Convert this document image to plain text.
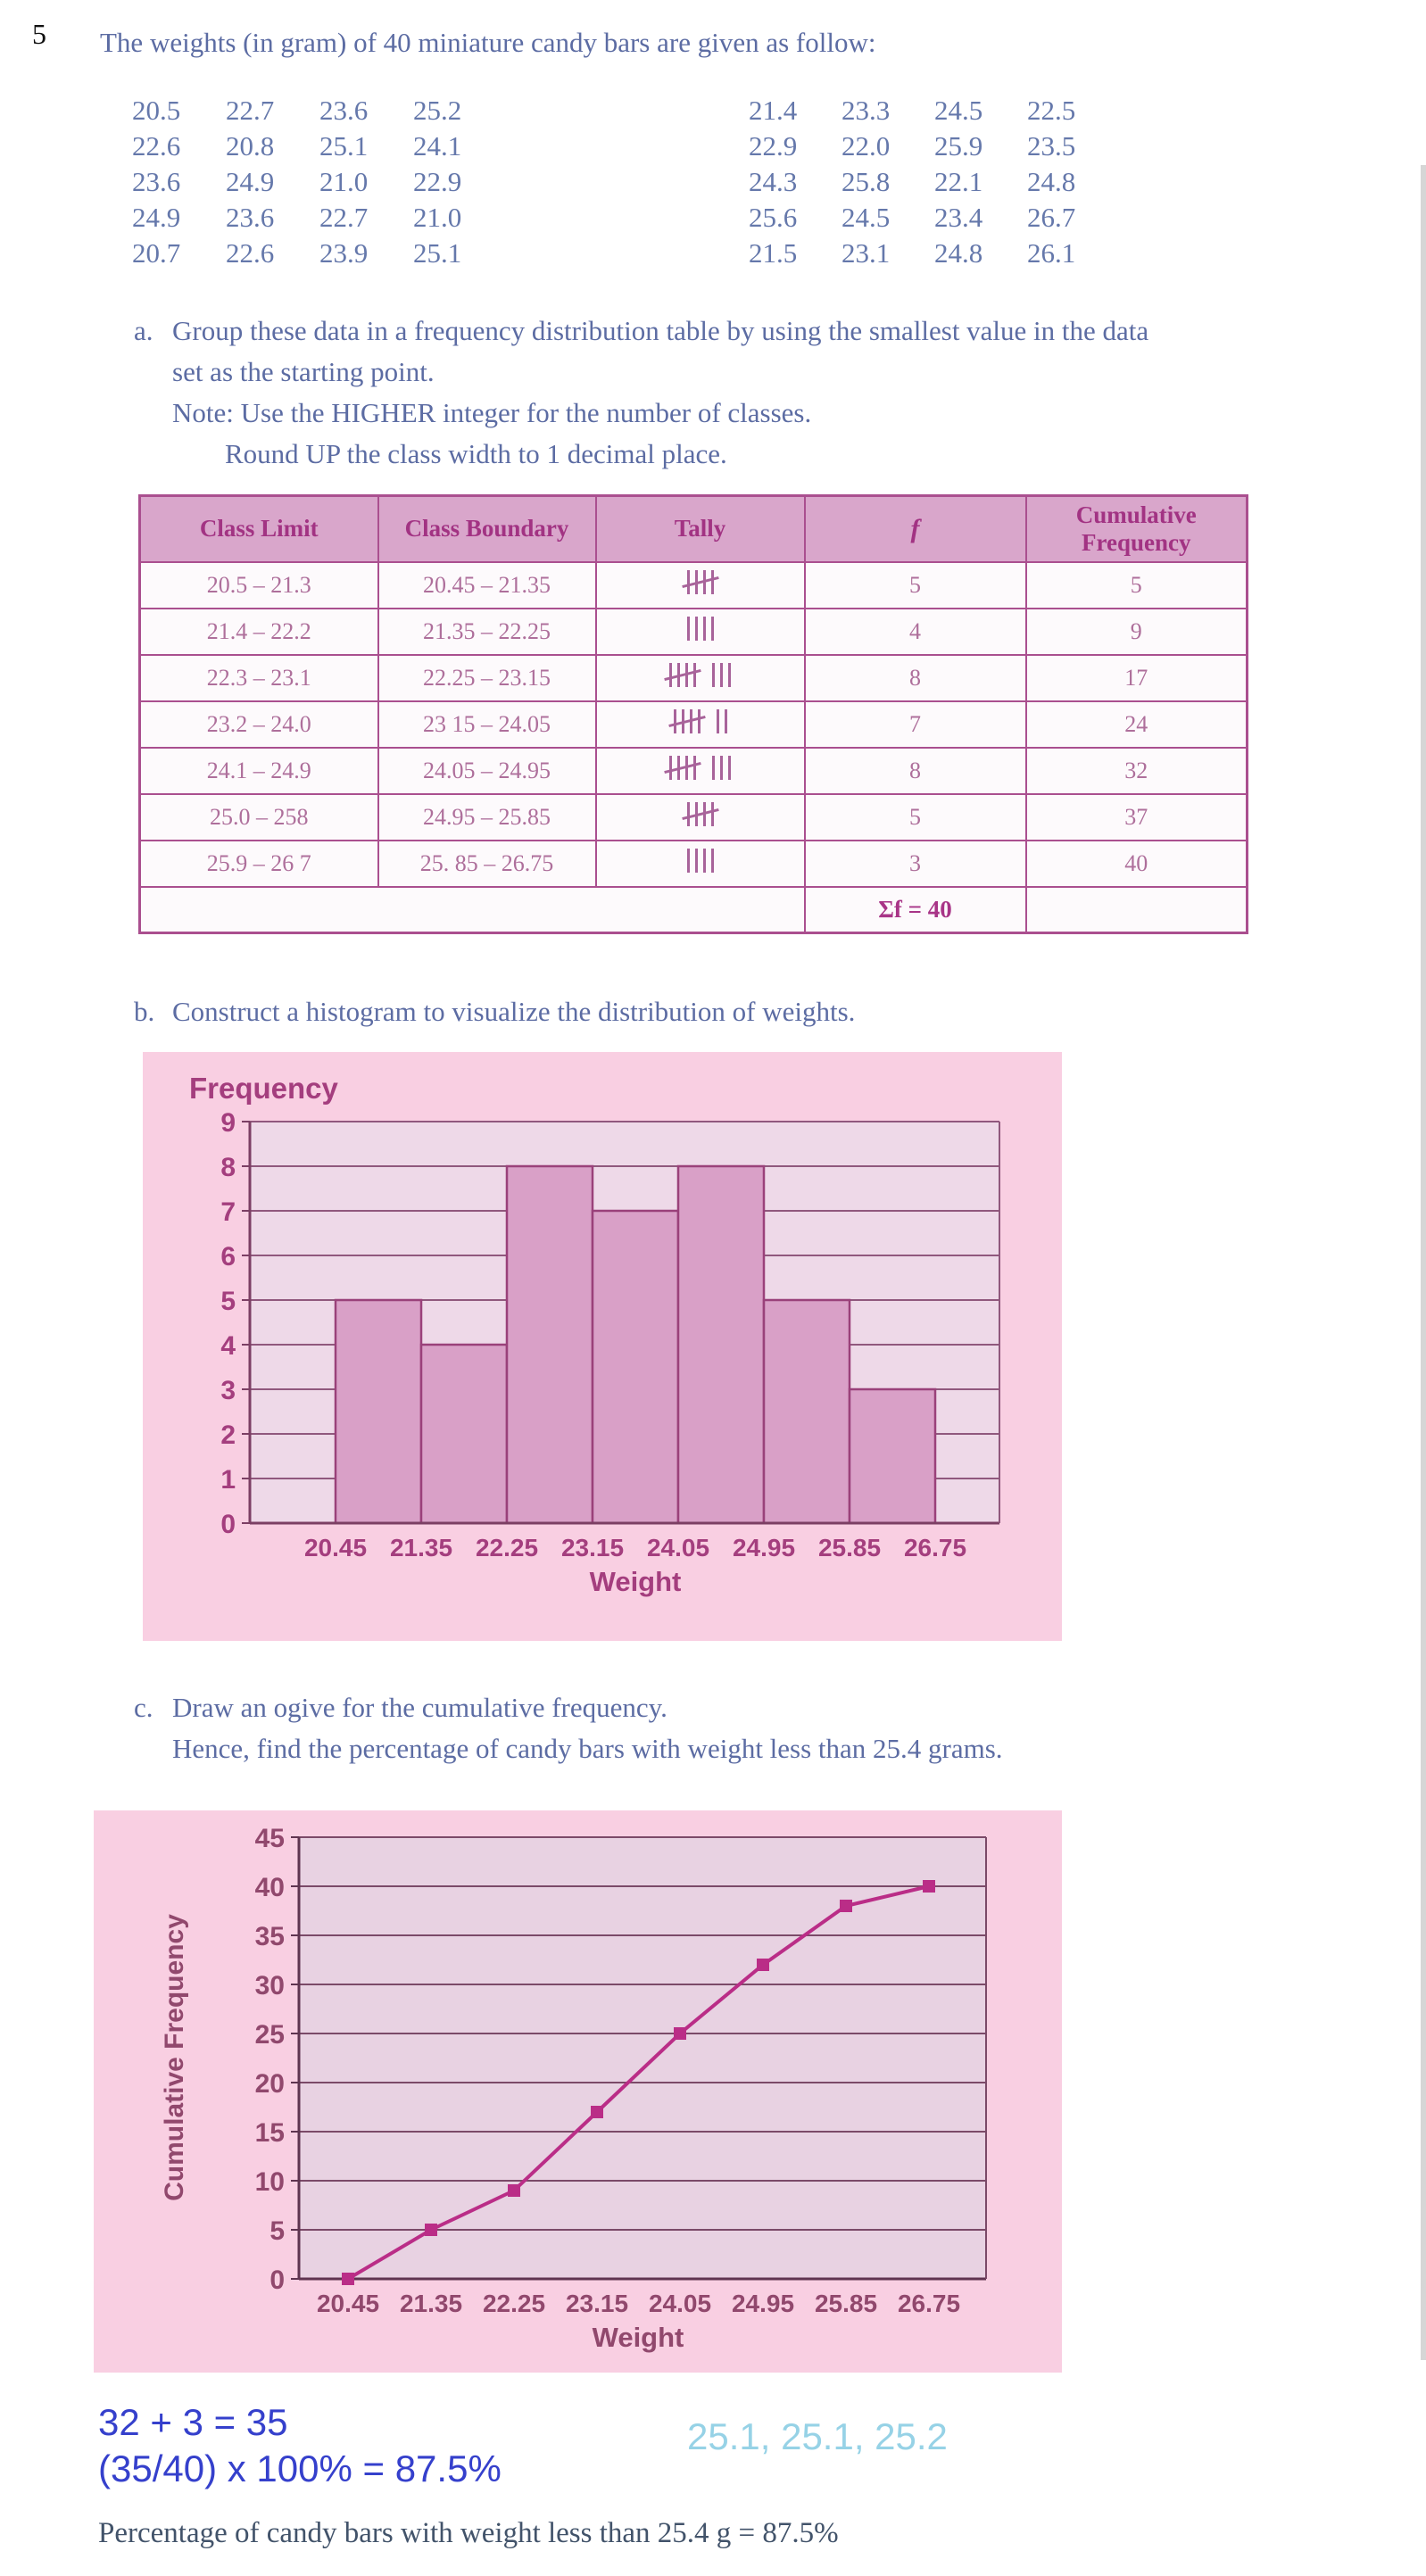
5 The weights (in gram) of 40 miniature candy bars are given as follow:
20.5	22.7	23.6	25.2	21.4	23.3	24.5	22.5
22.6	20.8	25.1	24.1	22.9	22.0	25.9	23.5
23.6	24.9	21.0	22.9	24.3	25.8	22.1	24.8
24.9	23.6	22.7	21.0	25.6	24.5	23.4	26.7
20.7	22.6	23.9	25.1	21.5	23.1	24.8	26.1
a. Group these data in a frequency distribution table by using the smallest value in the data
set as the starting point.
Note: Use the HIGHER integer for the number of classes.
Round UP the class width to 1 decimal place.
Class Limit	Class Boundary	Tally	f	Cumulative Frequency
20.5 – 21.3	20.45 – 21.35		5	5
21.4 – 22.2	21.35 – 22.25		4	9
22.3 – 23.1	22.25 – 23.15		8	17
23.2 – 24.0	23 15 – 24.05		7	24
24.1 – 24.9	24.05 – 24.95		8	32
25.0 – 258	24.95 – 25.85		5	37
25.9 – 26 7	25. 85 – 26.75		3	40
			Σf = 40	
b. Construct a histogram to visualize the distribution of weights.
0
1
2
3
4
5
6
7
8
9
20.45 21.35 22.25 23.15 24.05 24.95 25.85 26.75
Weight
Frequency
c. Draw an ogive for the cumulative frequency.
Hence, find the percentage of candy bars with weight less than 25.4 grams.
0
5
10
15
20
25
30
35
40
45
20.45 21.35 22.25 23.15 24.05 24.95 25.85 26.75
Weight
Cumulative Frequency
32 + 3 = 35
(35/40) x 100% = 87.5%
25.1, 25.1, 25.2
Percentage of candy bars with weight less than 25.4 g = 87.5%
